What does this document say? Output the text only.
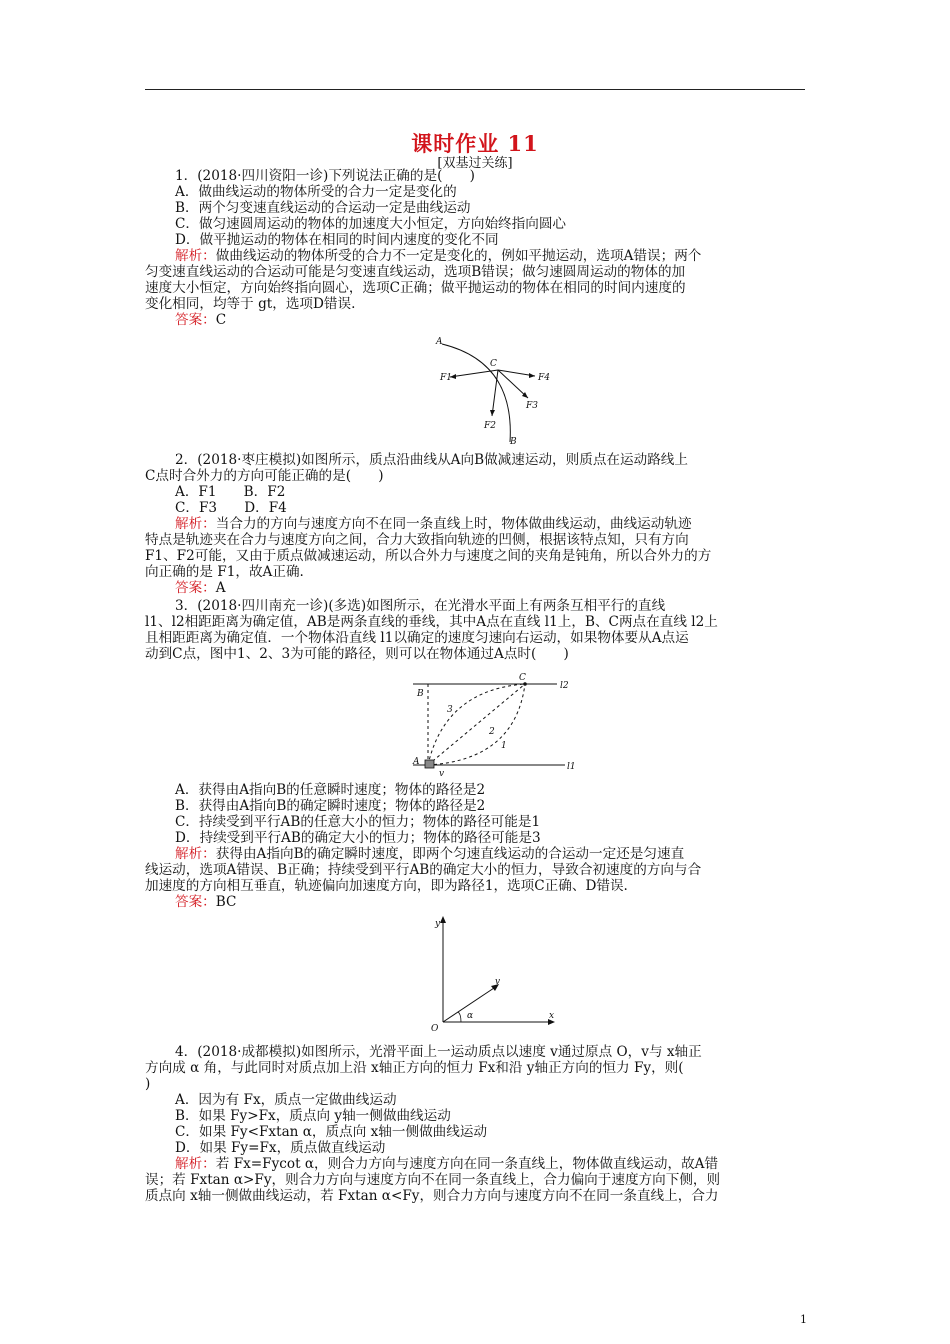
课时作业 11
[双基过关练]
1．(2018·四川资阳一诊)下列说法正确的是(　　)
A．做曲线运动的物体所受的合力一定是变化的
B．两个匀变速直线运动的合运动一定是曲线运动
C．做匀速圆周运动的物体的加速度大小恒定，方向始终指向圆心
D．做平抛运动的物体在相同的时间内速度的变化不同
解析：做曲线运动的物体所受的合力不一定是变化的，例如平抛运动，选项A错误；两个
匀变速直线运动的合运动可能是匀变速直线运动，选项B错误；做匀速圆周运动的物体的加
速度大小恒定，方向始终指向圆心，选项C正确；做平抛运动的物体在相同的时间内速度的
变化相同，均等于 gt，选项D错误.
答案：C
A
C
B
F1
F2
F3
F4
2．(2018·枣庄模拟)如图所示，质点沿曲线从A向B做减速运动，则质点在运动路线上
C点时合外力的方向可能正确的是(　　)
A．F1　　B．F2
C．F3　　D．F4
解析：当合力的方向与速度方向不在同一条直线上时，物体做曲线运动，曲线运动轨迹
特点是轨迹夹在合力与速度方向之间，合力大致指向轨迹的凹侧，根据该特点知，只有方向
F1、F2可能，又由于质点做减速运动，所以合外力与速度之间的夹角是钝角，所以合外力的方
向正确的是 F1，故A正确.
答案：A
3．(2018·四川南充一诊)(多选)如图所示，在光滑水平面上有两条互相平行的直线
l1、l2相距距离为确定值，AB是两条直线的垂线，其中A点在直线 l1上，B、C两点在直线 l2上
且相距距离为确定值．一个物体沿直线 l1以确定的速度匀速向右运动，如果物体要从A点运
动到C点，图中1、2、3为可能的路径，则可以在物体通过A点时(　　)
A
B
C
l2
l1
3
2
1
v
A．获得由A指向B的任意瞬时速度；物体的路径是2
B．获得由A指向B的确定瞬时速度；物体的路径是2
C．持续受到平行AB的任意大小的恒力；物体的路径可能是1
D．持续受到平行AB的确定大小的恒力；物体的路径可能是3
解析：获得由A指向B的确定瞬时速度，即两个匀速直线运动的合运动一定还是匀速直
线运动，选项A错误、B正确；持续受到平行AB的确定大小的恒力，导致合初速度的方向与合
加速度的方向相互垂直，轨迹偏向加速度方向，即为路径1，选项C正确、D错误.
答案：BC
y
x
O
v
α
4．(2018·成都模拟)如图所示，光滑平面上一运动质点以速度 v通过原点 O，v与 x轴正
方向成 α 角，与此同时对质点加上沿 x轴正方向的恒力 Fx和沿 y轴正方向的恒力 Fy，则(
)
A．因为有 Fx，质点一定做曲线运动
B．如果 Fy>Fx，质点向 y轴一侧做曲线运动
C．如果 Fy<Fxtan α，质点向 x轴一侧做曲线运动
D．如果 Fy=Fx，质点做直线运动
解析：若 Fx=Fycot α，则合力方向与速度方向在同一条直线上，物体做直线运动，故A错
误；若 Fxtan α>Fy，则合力方向与速度方向不在同一条直线上，合力偏向于速度方向下侧，则
质点向 x轴一侧做曲线运动，若 Fxtan α<Fy，则合力方向与速度方向不在同一条直线上，合力
1
